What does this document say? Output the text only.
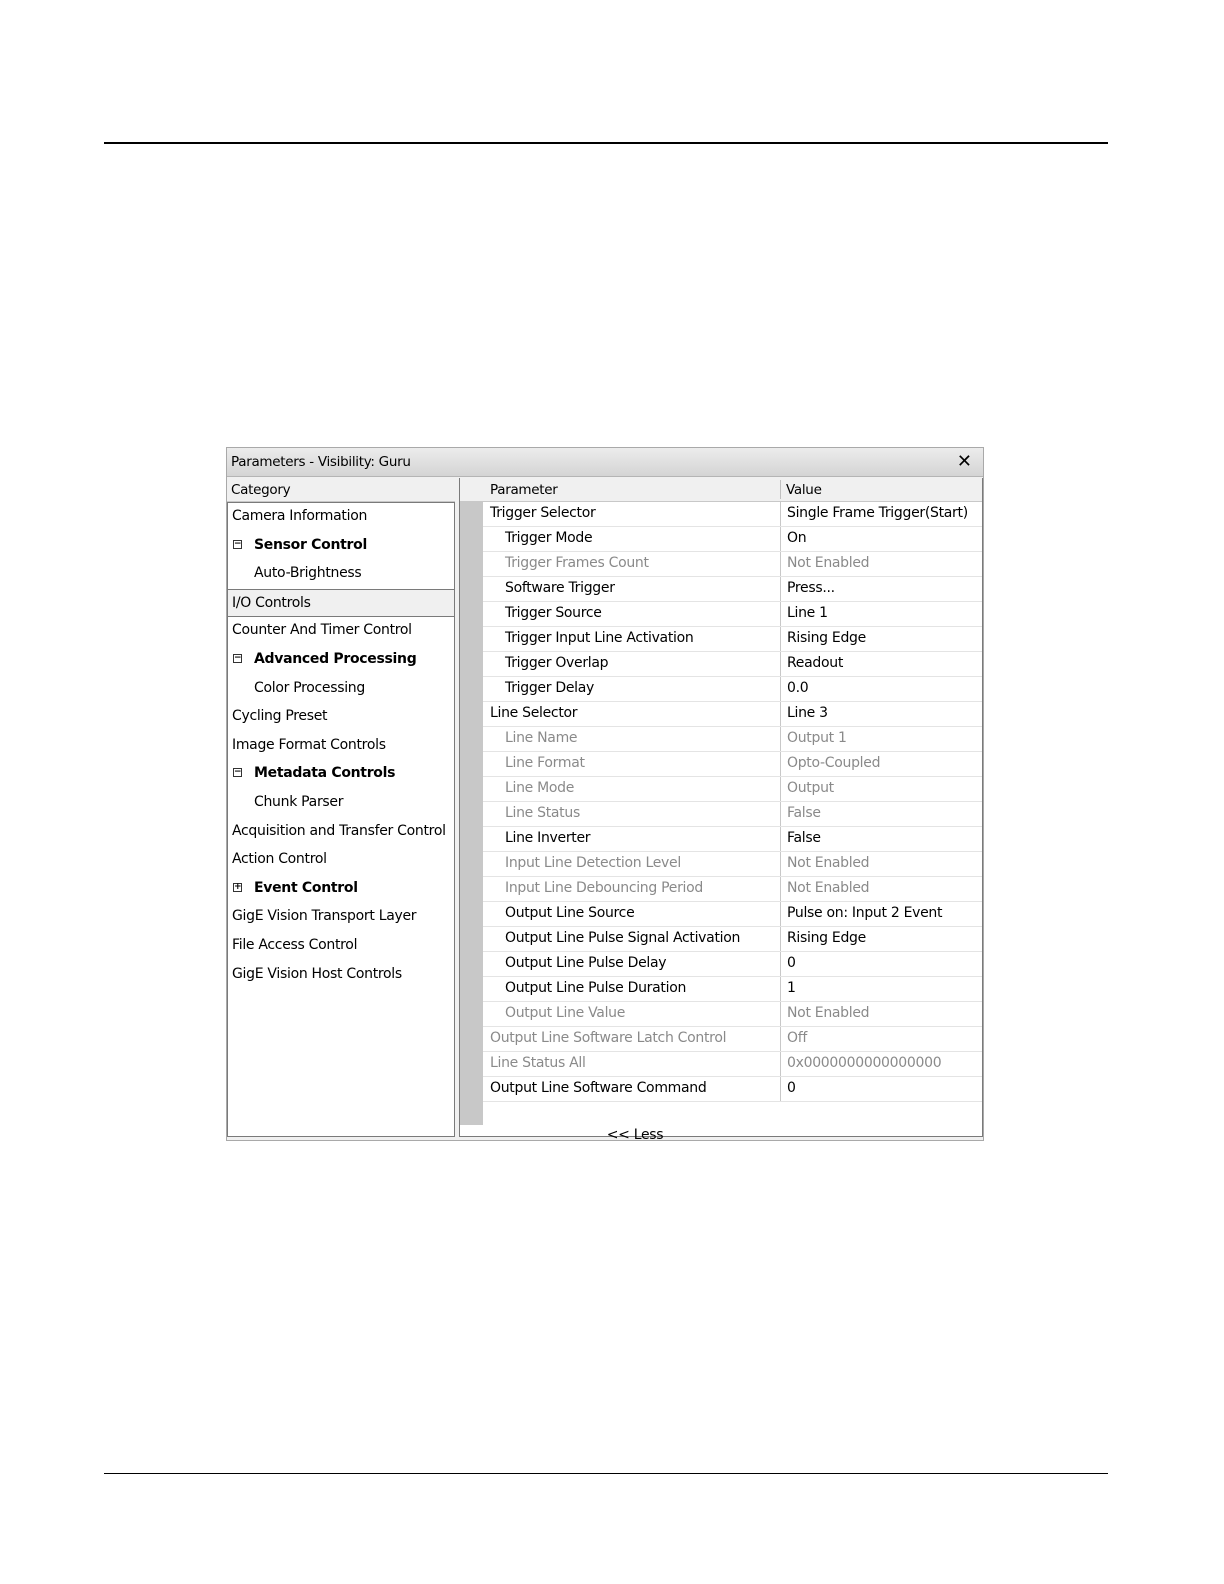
Parameters - Visibility: Guru	✕
Category
Camera Information
− Sensor Control
Auto-Brightness
I/O Controls
Counter And Timer Control
− Advanced Processing
Color Processing
Cycling Preset
Image Format Controls
− Metadata Controls
Chunk Parser
Acquisition and Transfer Control
Action Control
+ Event Control
GigE Vision Transport Layer
File Access Control
GigE Vision Host Controls
Parameter	Value
Trigger Selector	Single Frame Trigger(Start)
Trigger Mode	On
Trigger Frames Count	Not Enabled
Software Trigger	Press...
Trigger Source	Line 1
Trigger Input Line Activation	Rising Edge
Trigger Overlap	Readout
Trigger Delay	0.0
Line Selector	Line 3
Line Name	Output 1
Line Format	Opto-Coupled
Line Mode	Output
Line Status	False
Line Inverter	False
Input Line Detection Level	Not Enabled
Input Line Debouncing Period	Not Enabled
Output Line Source	Pulse on: Input 2 Event
Output Line Pulse Signal Activation	Rising Edge
Output Line Pulse Delay	0
Output Line Pulse Duration	1
Output Line Value	Not Enabled
Output Line Software Latch Control	Off
Line Status All	0x0000000000000000
Output Line Software Command	0
<< Less
